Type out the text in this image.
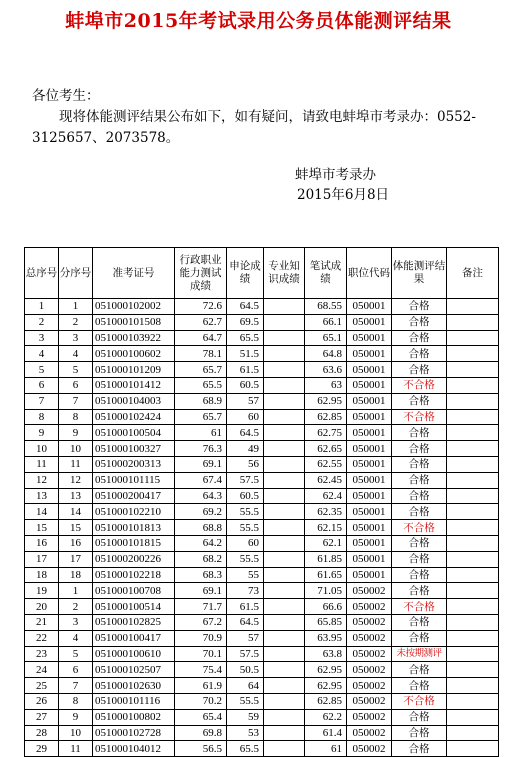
蚌埠市2015年考试录用公务员体能测评结果
各位考生：
现将体能测评结果公布如下，如有疑问，请致电蚌埠市考录办：0552-3125657、2073578。
蚌埠市考录办
2015年6月8日
总序号	分序号	准考证号	行政职业能力测试成绩	申论成绩	专业知识成绩	笔试成绩	职位代码	体能测评结果	备注
1	1	051000102002	72.6	64.5		68.55	050001	合格	
2	2	051000101508	62.7	69.5		66.1	050001	合格	
3	3	051000103922	64.7	65.5		65.1	050001	合格	
4	4	051000100602	78.1	51.5		64.8	050001	合格	
5	5	051000101209	65.7	61.5		63.6	050001	合格	
6	6	051000101412	65.5	60.5		63	050001	不合格	
7	7	051000104003	68.9	57		62.95	050001	合格	
8	8	051000102424	65.7	60		62.85	050001	不合格	
9	9	051000100504	61	64.5		62.75	050001	合格	
10	10	051000100327	76.3	49		62.65	050001	合格	
11	11	051000200313	69.1	56		62.55	050001	合格	
12	12	051000101115	67.4	57.5		62.45	050001	合格	
13	13	051000200417	64.3	60.5		62.4	050001	合格	
14	14	051000102210	69.2	55.5		62.35	050001	合格	
15	15	051000101813	68.8	55.5		62.15	050001	不合格	
16	16	051000101815	64.2	60		62.1	050001	合格	
17	17	051000200226	68.2	55.5		61.85	050001	合格	
18	18	051000102218	68.3	55		61.65	050001	合格	
19	1	051000100708	69.1	73		71.05	050002	合格	
20	2	051000100514	71.7	61.5		66.6	050002	不合格	
21	3	051000102825	67.2	64.5		65.85	050002	合格	
22	4	051000100417	70.9	57		63.95	050002	合格	
23	5	051000100610	70.1	57.5		63.8	050002	未按期测评	
24	6	051000102507	75.4	50.5		62.95	050002	合格	
25	7	051000102630	61.9	64		62.95	050002	合格	
26	8	051000101116	70.2	55.5		62.85	050002	不合格	
27	9	051000100802	65.4	59		62.2	050002	合格	
28	10	051000102728	69.8	53		61.4	050002	合格	
29	11	051000104012	56.5	65.5		61	050002	合格	
